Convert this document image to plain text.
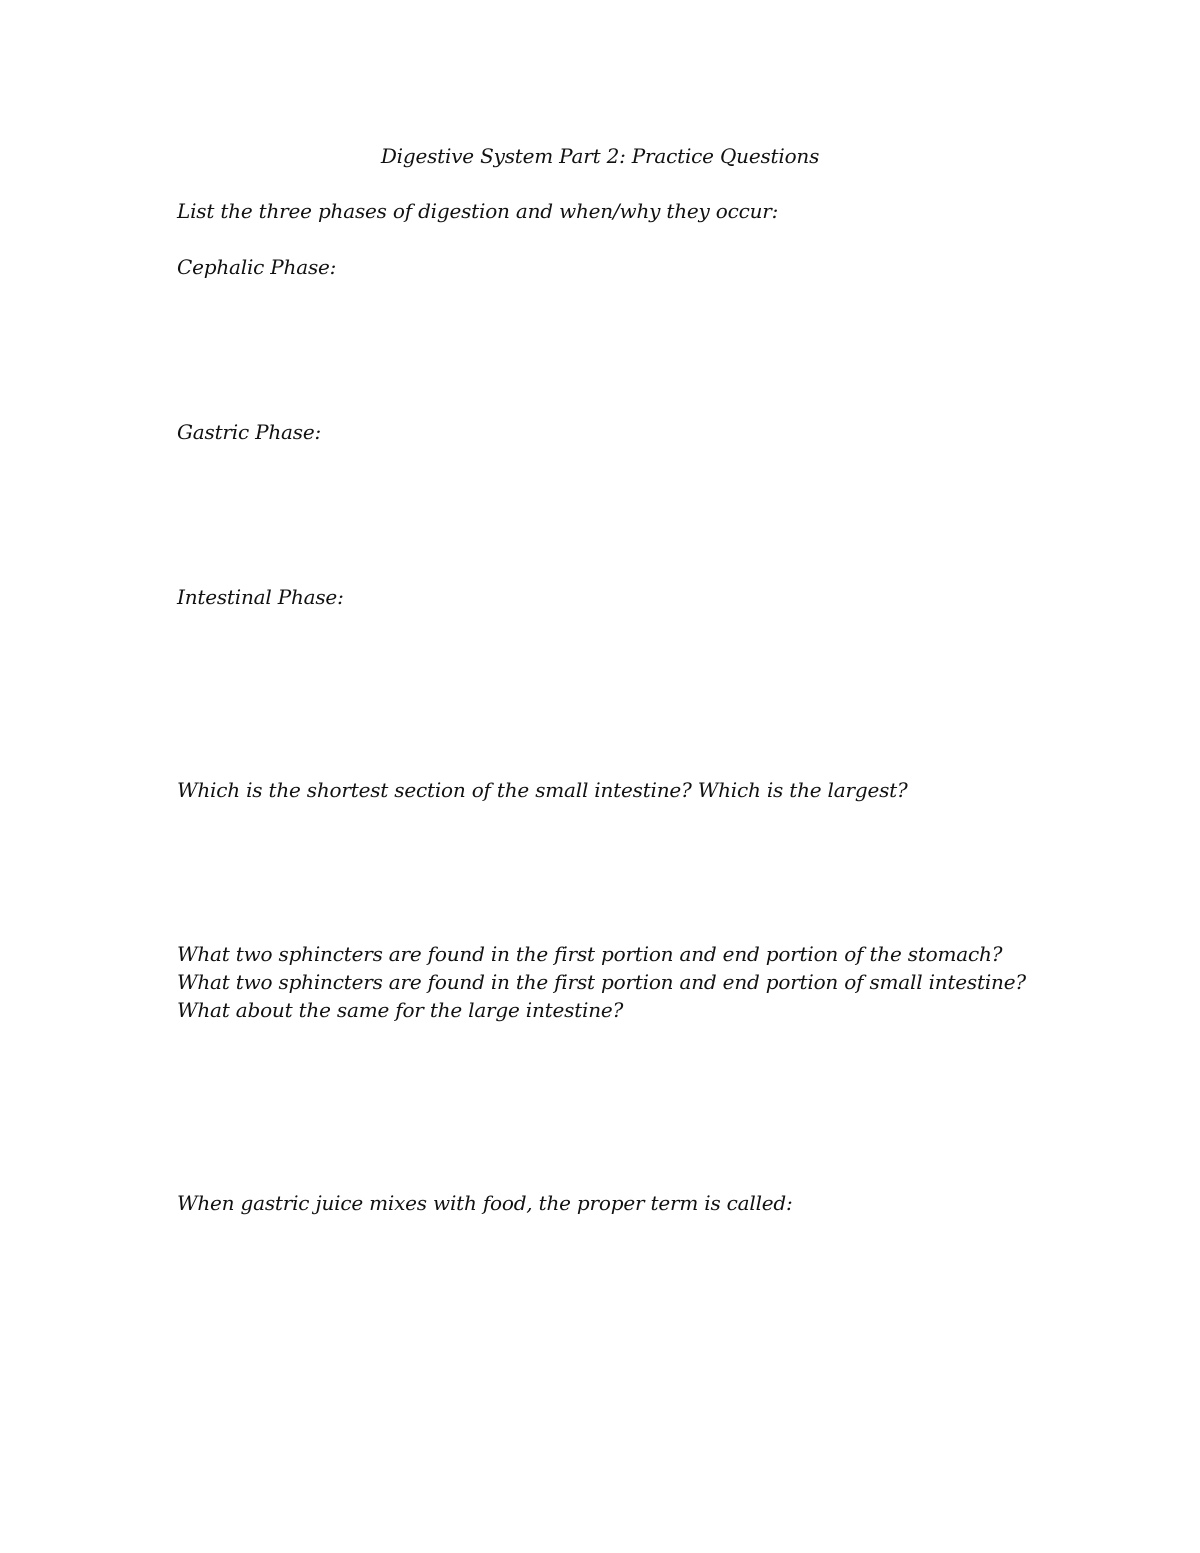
Digestive System Part 2: Practice Questions
List the three phases of digestion and when/why they occur:
Cephalic Phase:
Gastric Phase:
Intestinal Phase:
Which is the shortest section of the small intestine? Which is the largest?
What two sphincters are found in the first portion and end portion of the stomach?
What two sphincters are found in the first portion and end portion of small intestine?
What about the same for the large intestine?
When gastric juice mixes with food, the proper term is called:
